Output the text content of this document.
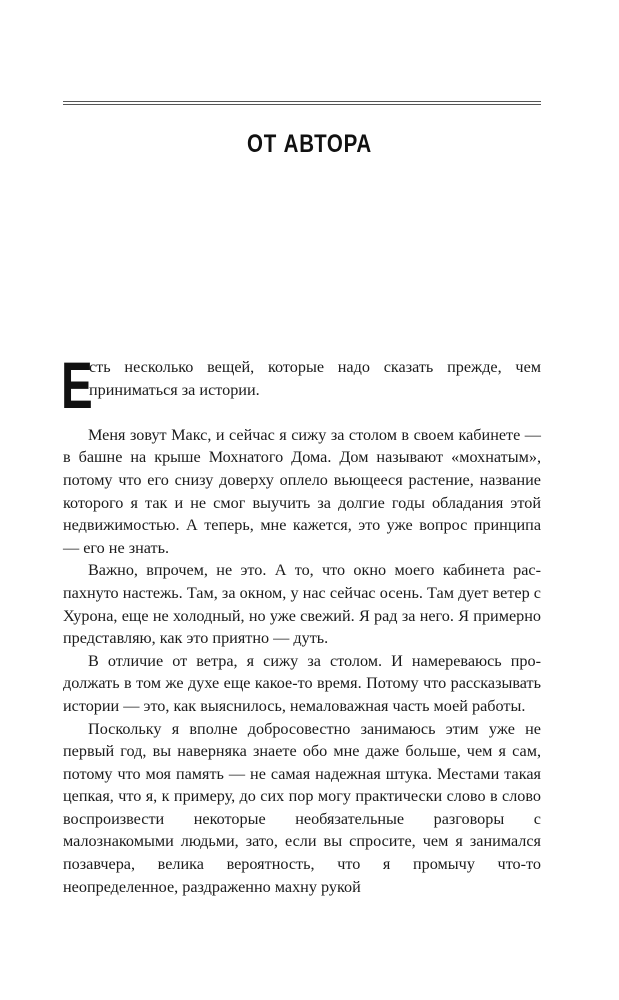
ОТ АВТОРА

Е
сть несколько вещей, которые надо сказать прежде, чем приниматься за истории.

Меня зовут Макс, и сейчас я сижу за столом в своем кабинете — в башне на крыше Мохнатого Дома. Дом называют «мохнатым», потому что его снизу доверху оплело вьющееся растение, название которого я так и не смог выучить за долгие годы обладания этой недвижимостью. А теперь, мне кажется, это уже вопрос принципа — его не знать.

Важно, впрочем, не это. А то, что окно моего кабинета распахнуто настежь. Там, за окном, у нас сейчас осень. Там дует ветер с Хурона, еще не холодный, но уже свежий. Я рад за него. Я примерно представляю, как это приятно — дуть.

В отличие от ветра, я сижу за столом. И намереваюсь продолжать в том же духе еще какое-то время. Потому что рассказывать истории — это, как выяснилось, немаловажная часть моей работы.

Поскольку я вполне добросовестно занимаюсь этим уже не первый год, вы наверняка знаете обо мне даже больше, чем я сам, потому что моя память — не самая надежная штука. Местами такая цепкая, что я, к примеру, до сих пор могу практически слово в слово воспроизвести некоторые необязательные разговоры с малознакомыми людьми, зато, если вы спросите, чем я занимался позавчера, велика вероятность, что я промычу что-то неопределенное, раздраженно махну рукой
